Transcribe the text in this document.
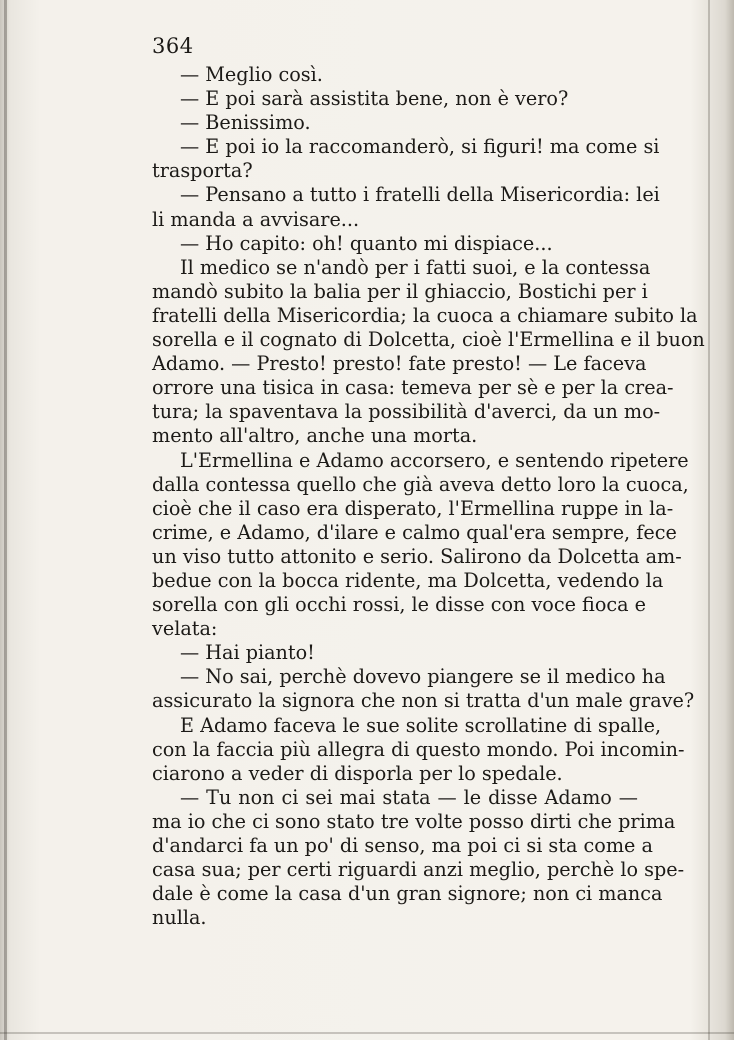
364
— Meglio così.
— E poi sarà assistita bene, non è vero?
— Benissimo.
— E poi io la raccomanderò, si figuri! ma come si
trasporta?
— Pensano a tutto i fratelli della Misericordia: lei
li manda a avvisare...
— Ho capito: oh! quanto mi dispiace...
Il medico se n'andò per i fatti suoi, e la contessa
mandò subito la balia per il ghiaccio, Bostichi per i
fratelli della Misericordia; la cuoca a chiamare subito la
sorella e il cognato di Dolcetta, cioè l'Ermellina e il buon
Adamo. — Presto! presto! fate presto! — Le faceva
orrore una tisica in casa: temeva per sè e per la crea-
tura; la spaventava la possibilità d'averci, da un mo-
mento all'altro, anche una morta.
L'Ermellina e Adamo accorsero, e sentendo ripetere
dalla contessa quello che già aveva detto loro la cuoca,
cioè che il caso era disperato, l'Ermellina ruppe in la-
crime, e Adamo, d'ilare e calmo qual'era sempre, fece
un viso tutto attonito e serio. Salirono da Dolcetta am-
bedue con la bocca ridente, ma Dolcetta, vedendo la
sorella con gli occhi rossi, le disse con voce fioca e
velata:
— Hai pianto!
— No sai, perchè dovevo piangere se il medico ha
assicurato la signora che non si tratta d'un male grave?
E Adamo faceva le sue solite scrollatine di spalle,
con la faccia più allegra di questo mondo. Poi incomin-
ciarono a veder di disporla per lo spedale.
— Tu non ci sei mai stata — le disse Adamo —
ma io che ci sono stato tre volte posso dirti che prima
d'andarci fa un po' di senso, ma poi ci si sta come a
casa sua; per certi riguardi anzi meglio, perchè lo spe-
dale è come la casa d'un gran signore; non ci manca
nulla.
